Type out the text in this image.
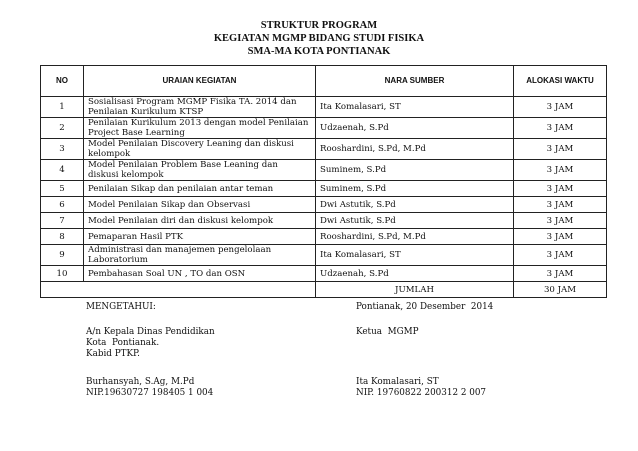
STRUKTUR PROGRAM
KEGIATAN MGMP BIDANG STUDI FISIKA
SMA-MA KOTA PONTIANAK
NO	URAIAN KEGIATAN	NARA SUMBER	ALOKASI WAKTU
1	Sosialisasi Program MGMP Fisika TA. 2014 dan Penilaian Kurikulum KTSP	Ita Komalasari, ST	3 JAM
2	Penilaian Kurikulum 2013 dengan model Penilaian Project Base Learning	Udzaenah, S.Pd	3 JAM
3	Model Penilaian Discovery Leaning dan diskusi kelompok	Rooshardini, S.Pd, M.Pd	3 JAM
4	Model Penilaian Problem Base Leaning dan diskusi kelompok	Suminem, S.Pd	3 JAM
5	Penilaian Sikap dan penilaian antar teman	Suminem, S.Pd	3 JAM
6	Model Penilaian Sikap dan Observasi	Dwi Astutik, S.Pd	3 JAM
7	Model Penilaian diri dan diskusi kelompok	Dwi Astutik, S.Pd	3 JAM
8	Pemaparan Hasil PTK	Rooshardini, S.Pd, M.Pd	3 JAM
9	Administrasi dan manajemen pengelolaan Laboratorium	Ita Komalasari, ST	3 JAM
10	Pembahasan Soal UN , TO dan OSN	Udzaenah, S.Pd	3 JAM
		JUMLAH	30 JAM
MENGETAHUI:
A/n Kepala Dinas Pendidikan
Kota  Pontianak.
Kabid PTKP.
Burhansyah, S.Ag, M.Pd
NIP.19630727 198405 1 004
Pontianak, 20 Desember  2014
Ketua  MGMP
Ita Komalasari, ST
NIP. 19760822 200312 2 007
